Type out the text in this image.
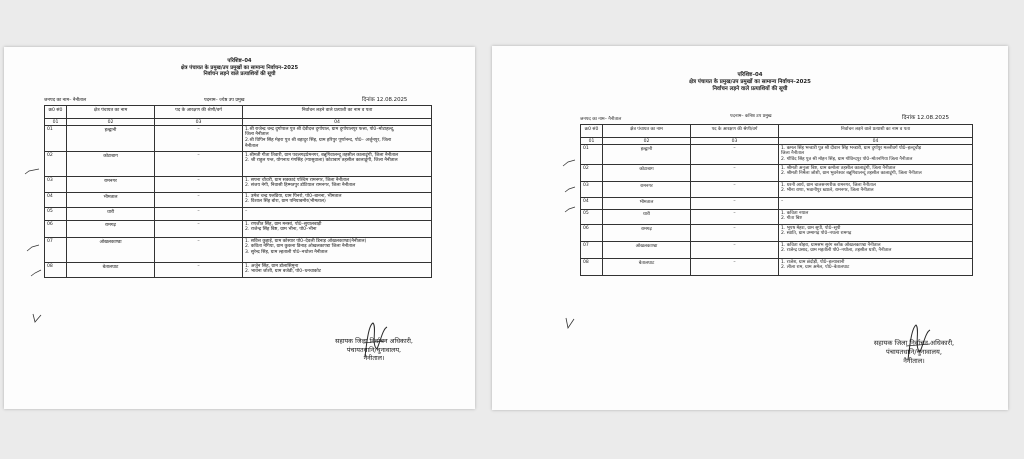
परिशिष्ट–04
क्षेत्र पंचायत के प्रमुख/उप प्रमुखों का सामान्य निर्वाचन–2025
निर्वाचन लड़ने वाले प्रत्याशियों की सूची
जनपद का नाम– नैनीताल	पदनाम– ज्येष्ठ उप प्रमुख	दिनांक 12.08.2025
क्र0 सं0	क्षेत्र पंचायत का नाम	पद के आरक्षण की श्रेणी/वर्ग	निर्वाचन लड़ने वाले प्रत्याशी का नाम व पता
01	02	03	04
01	हल्द्वानी	–	1.श्री राजेन्द्र चन्द्र दुर्गापाल पुत्र श्री देवीदत्त दुर्गापाल, ग्राम दुर्गापालपुर फत्ता, पो0–मोटाहल्दू,
जिला नैनीताल
2.श्री विपिन सिंह मेहरा पुत्र श्री बहादुर सिंह, ग्राम हरिपुर पूर्णानन्द, पो0– अर्जुनपुर, जिला
नैनीताल

02	कोटाबाग	–	1.श्रीमती गीता तिवारी, ग्राम पवलगढ़प्रेमनगर, बन्नूगिवालन्दू तहसील कालाढूंगी, जिला नैनीताल
2. श्री राहुल पन्त, योगनाथ गंगसिंह (ग्यासुवाला) कोटाबाग तहसील कालाढूंगी, जिला नैनीताल

03	रामनगर	–	1. सपना चौधरी, ग्राम सक्कादं पश्चिम रामनगर, जिला नैनीताल
2. संजय नेगी, निवासी हिम्मतपुर डोटियाल रामनगर, जिला नैनीताल

04	भीमताल	–	1. उमेश चन्द्र फ्लडिया, ग्राम पिनरो, पो0–बानना, भीमताल
2. विशाल सिंह बोरा, ग्राम पनियाबमौर(भीमताल)

05	धारी	–	–

06	रामगढ़	–	1. रणजीत सिंह, ग्राम मनसां, पो0–सुयालबाड़ी
2. राजेन्द्र सिंह बिष्ट, ग्राम भीना, पो0–भीना

07	ओखलकाण्डा	–	1. सवित्त कुहाई, ग्राम कोस्यार पो0–देवली डिनाड़ ओखलकाण्डा(नैनीताल)
2. कविता नेगिया, ग्राम कुकना डिनाड़ ओखलकाण्डा जिला नैनीताल
3. सुरेन्द्र सिंह, ग्राम ल्हताली पो0–नथोला नैनीताल

08	बेतालघाट	–	1. अर्जुन सिंह, ग्राम डोलासिमुना
2. भावना जोशी, ग्राम बजेडी, पो0–धनचाकोट
सहायक जिला निर्वाचन अधिकारी,
पंचायतधानि/चुनावालय,
नैनीताल।
परिशिष्ट–04
क्षेत्र पंचायत के प्रमुख/उप प्रमुखों का सामान्य निर्वाचन–2025
निर्वाचन लड़ने वाले प्रत्याशियों की सूची
जनपद का नाम– नैनीताल
पदनाम– कनिष्ठ उप प्रमुख	दिनांक 12.08.2025
क्र0 सं0	क्षेत्र पंचायत का नाम	पद के आरक्षण की श्रेणी/वर्ग	निर्वाचन लड़ने वाले प्रत्याशी का नाम व पता
01	02	03	04
01	हल्द्वानी	–	1. कमल सिंह भन्डारी पुत्र श्री दीवान सिंह भन्डारी, ग्राम दुर्गापुर मल्लीवर्ग पो0–हल्दूचौड़
जिला नैनीताल
2. गोविंद सिंह पुत्र श्री मोहन सिंह, ग्राम गोविन्दपुर पो0–मोतनगिया जिला नैनीताल

02	कोटाबाग	–	1. श्रीमती अनुजा बिष्ट, ग्राम कमोला तहसील कालाढूंगी, जिला नैनीताल
2. श्रीमती निर्मला जोशी, ग्राम भुवनेश्वर बन्नूगिवालन्दू तहसील कालाढूंगी, जिला नैनीताल

03	रामनगर	–	1. धरनी आर्य, ग्राम चालसनगरीक रामनगर, जिला नैनीताल
2. भीना राणा, भवानीपुर ख्याले, रामनगर, जिला नैनीताल

04	भीमताल	–	–

05	धारी	–	1. कविता नयाल
2. गीता बिष्ट

06	रामगढ़	–	1. भूपष मेहरा, ग्राम सूपी, पो0–सूपी
2. स्वाति, ग्राम उम्मागढ़ पो0–नथला रामगढ़

07	ओखलकाण्डा	–	1. कविता बोहरा, ग्रामसभ सुरंग ब्लॉक ओखलकाण्डा नैनीताल
2. राजेन्द्र प्रसाद, ग्राम महतोली पो0–नथोला, तहसील धारी, नैनीताल

08	बेतालघाट	–	1. राजेश, ग्राम छंदोड़ी, पो0–हल्याबानी
2. लीला राम, ग्राम अमेल, पो0–बेतालघाट
सहायक जिला निर्वाचन अधिकारी,
पंचायतधानि/चुनावालय,
नैनीताल।
